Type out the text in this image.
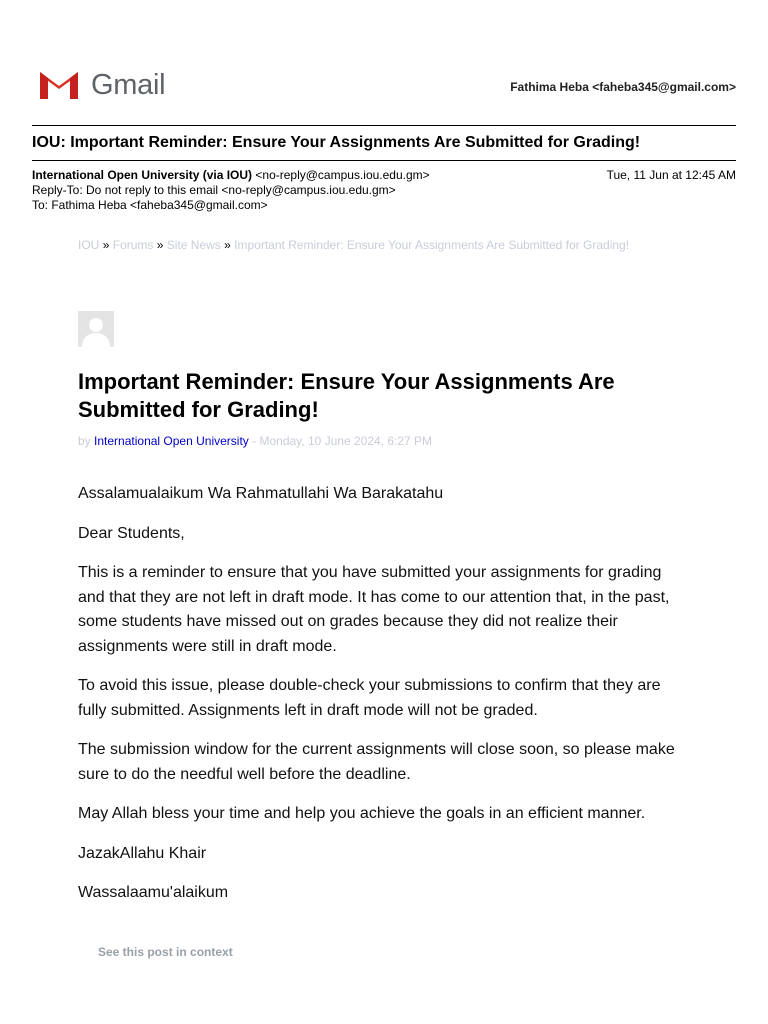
Gmail	Fathima Heba <faheba345@gmail.com>
IOU: Important Reminder: Ensure Your Assignments Are Submitted for Grading!
International Open University (via IOU) <no-reply@campus.iou.edu.gm>	Tue, 11 Jun at 12:45 AM
Reply-To: Do not reply to this email <no-reply@campus.iou.edu.gm>
To: Fathima Heba <faheba345@gmail.com>
IOU » Forums » Site News » Important Reminder: Ensure Your Assignments Are Submitted for Grading!
Important Reminder: Ensure Your Assignments Are Submitted for Grading!
by International Open University - Monday, 10 June 2024, 6:27 PM

Assalamualaikum Wa Rahmatullahi Wa Barakatahu

Dear Students,

This is a reminder to ensure that you have submitted your assignments for grading and that they are not left in draft mode. It has come to our attention that, in the past, some students have missed out on grades because they did not realize their assignments were still in draft mode.

To avoid this issue, please double-check your submissions to confirm that they are fully submitted. Assignments left in draft mode will not be graded.

The submission window for the current assignments will close soon, so please make sure to do the needful well before the deadline.

May Allah bless your time and help you achieve the goals in an efficient manner.

JazakAllahu Khair

Wassalaamu'alaikum

See this post in context
